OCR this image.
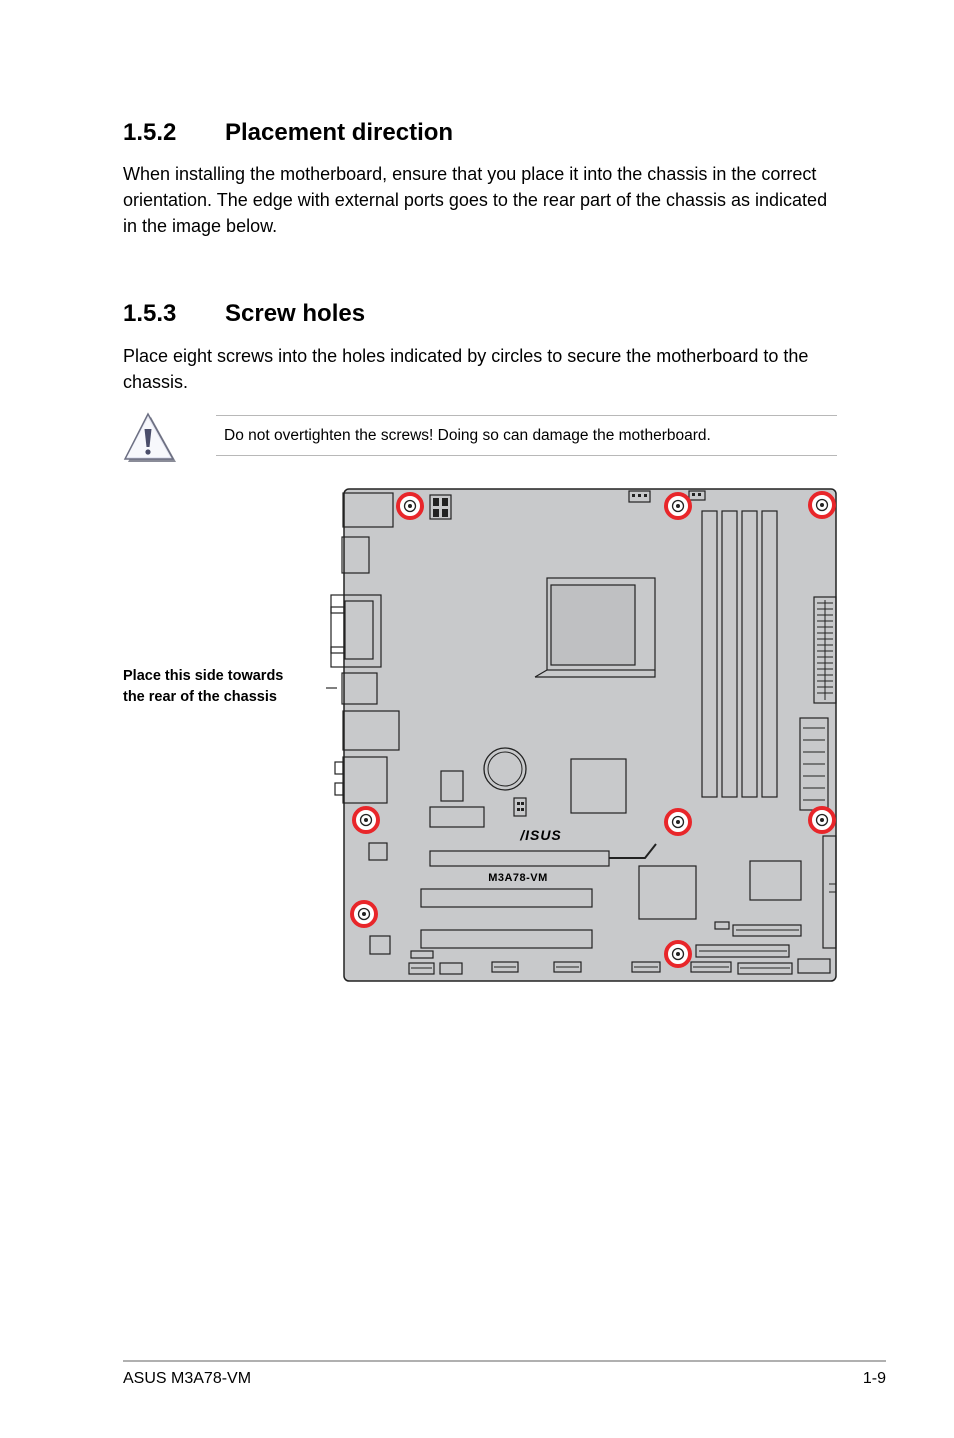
1.5.2 Placement direction

When installing the motherboard, ensure that you place it into the chassis in the correct orientation. The edge with external ports goes to the rear part of the chassis as indicated in the image below.

1.5.3 Screw holes

Place eight screws into the holes indicated by circles to secure the motherboard to the chassis.

Do not overtighten the screws! Doing so can damage the motherboard.
Place this side towards
the rear of the chassis
/ISUS
M3A78-VM
ASUS M3A78-VM	1-9
